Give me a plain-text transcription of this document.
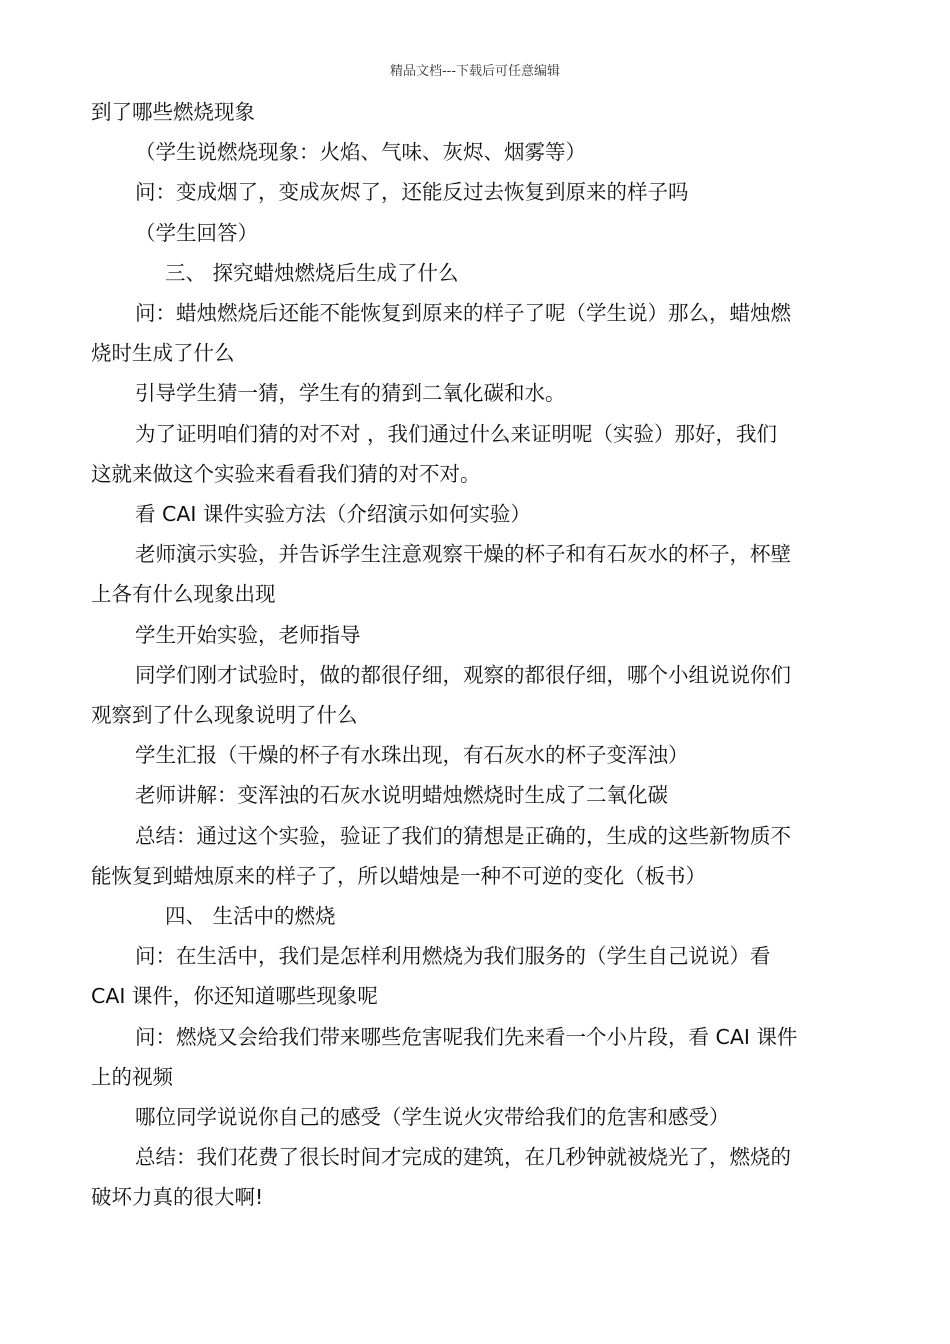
精品文档---下载后可任意编辑

到了哪些燃烧现象

（学生说燃烧现象：火焰、气味、灰烬、烟雾等）

问：变成烟了，变成灰烬了，还能反过去恢复到原来的样子吗

（学生回答）

三、 探究蜡烛燃烧后生成了什么

问：蜡烛燃烧后还能不能恢复到原来的样子了呢（学生说）那么，蜡烛燃

烧时生成了什么

引导学生猜一猜，学生有的猜到二氧化碳和水。

为了证明咱们猜的对不对 ，我们通过什么来证明呢（实验）那好，我们

这就来做这个实验来看看我们猜的对不对。

看 CAI 课件实验方法（介绍演示如何实验）

老师演示实验，并告诉学生注意观察干燥的杯子和有石灰水的杯子，杯壁

上各有什么现象出现

学生开始实验，老师指导

同学们刚才试验时，做的都很仔细，观察的都很仔细，哪个小组说说你们

观察到了什么现象说明了什么

学生汇报（干燥的杯子有水珠出现，有石灰水的杯子变浑浊）

老师讲解：变浑浊的石灰水说明蜡烛燃烧时生成了二氧化碳

总结：通过这个实验，验证了我们的猜想是正确的，生成的这些新物质不

能恢复到蜡烛原来的样子了，所以蜡烛是一种不可逆的变化（板书）

四、 生活中的燃烧

问：在生活中，我们是怎样利用燃烧为我们服务的（学生自己说说）看

CAI 课件，你还知道哪些现象呢

问：燃烧又会给我们带来哪些危害呢我们先来看一个小片段，看 CAI 课件

上的视频

哪位同学说说你自己的感受（学生说火灾带给我们的危害和感受）

总结：我们花费了很长时间才完成的建筑，在几秒钟就被烧光了，燃烧的

破坏力真的很大啊!
